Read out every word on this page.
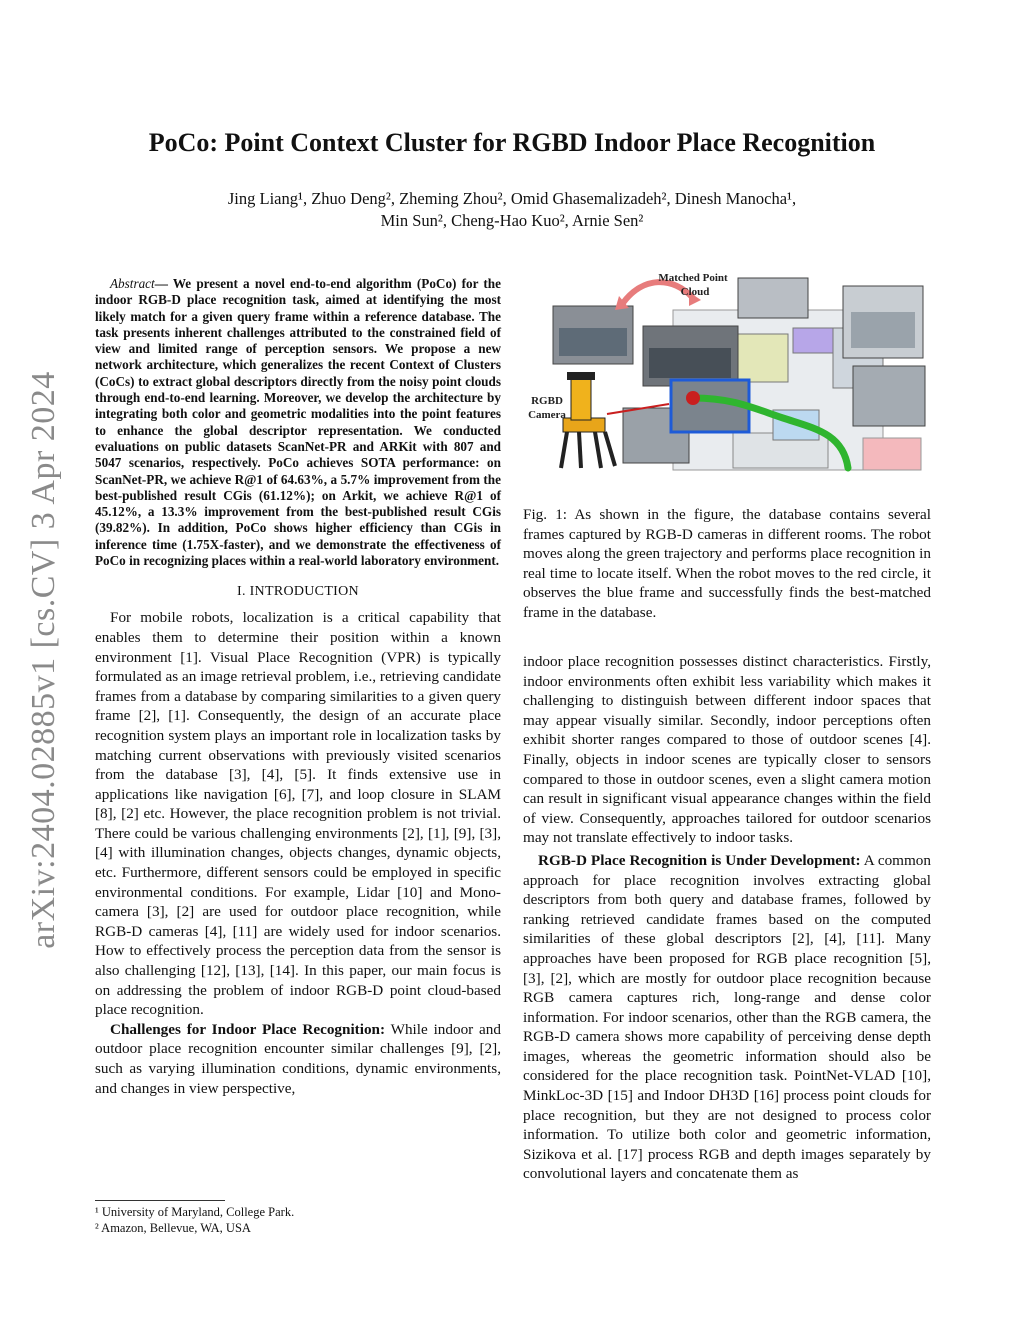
arXiv:2404.02885v1 [cs.CV] 3 Apr 2024
PoCo: Point Context Cluster for RGBD Indoor Place Recognition
Jing Liang¹, Zhuo Deng², Zheming Zhou², Omid Ghasemalizadeh², Dinesh Manocha¹,
Min Sun², Cheng-Hao Kuo², Arnie Sen²

Abstract— We present a novel end-to-end algorithm (PoCo) for the indoor RGB-D place recognition task, aimed at identifying the most likely match for a given query frame within a reference database. The task presents inherent challenges attributed to the constrained field of view and limited range of perception sensors. We propose a new network architecture, which generalizes the recent Context of Clusters (CoCs) to extract global descriptors directly from the noisy point clouds through end-to-end learning. Moreover, we develop the architecture by integrating both color and geometric modalities into the point features to enhance the global descriptor representation. We conducted evaluations on public datasets ScanNet-PR and ARKit with 807 and 5047 scenarios, respectively. PoCo achieves SOTA performance: on ScanNet-PR, we achieve R@1 of 64.63%, a 5.7% improvement from the best-published result CGis (61.12%); on Arkit, we achieve R@1 of 45.12%, a 13.3% improvement from the best-published result CGis (39.82%). In addition, PoCo shows higher efficiency than CGis in inference time (1.75X-faster), and we demonstrate the effectiveness of PoCo in recognizing places within a real-world laboratory environment.

I. INTRODUCTION

For mobile robots, localization is a critical capability that enables them to determine their position within a known environment [1]. Visual Place Recognition (VPR) is typically formulated as an image retrieval problem, i.e., retrieving candidate frames from a database by comparing similarities to a given query frame [2], [1]. Consequently, the design of an accurate place recognition system plays an important role in localization tasks by matching current observations with previously visited scenarios from the database [3], [4], [5]. It finds extensive use in applications like navigation [6], [7], and loop closure in SLAM [8], [2] etc. However, the place recognition problem is not trivial. There could be various challenging environments [2], [1], [9], [3], [4] with illumination changes, objects changes, dynamic objects, etc. Furthermore, different sensors could be employed in specific environmental conditions. For example, Lidar [10] and Mono-camera [3], [2] are used for outdoor place recognition, while RGB-D cameras [4], [11] are widely used for indoor scenarios. How to effectively process the perception data from the sensor is also challenging [12], [13], [14]. In this paper, our main focus is on addressing the problem of indoor RGB-D point cloud-based place recognition.

Challenges for Indoor Place Recognition: While indoor and outdoor place recognition encounter similar challenges [9], [2], such as varying illumination conditions, dynamic environments, and changes in view perspective,

¹ University of Maryland, College Park.
² Amazon, Bellevue, WA, USA
Matched Point
Cloud
RGBD
Camera
Fig. 1: As shown in the figure, the database contains several frames captured by RGB-D cameras in different rooms. The robot moves along the green trajectory and performs place recognition in real time to locate itself. When the robot moves to the red circle, it observes the blue frame and successfully finds the best-matched frame in the database.

indoor place recognition possesses distinct characteristics. Firstly, indoor environments often exhibit less variability which makes it challenging to distinguish between different indoor spaces that may appear visually similar. Secondly, indoor perceptions often exhibit shorter ranges compared to those of outdoor scenes [4]. Finally, objects in indoor scenes are typically closer to sensors compared to those in outdoor scenes, even a slight camera motion can result in significant visual appearance changes within the field of view. Consequently, approaches tailored for outdoor scenarios may not translate effectively to indoor tasks.

RGB-D Place Recognition is Under Development: A common approach for place recognition involves extracting global descriptors from both query and database frames, followed by ranking retrieved candidate frames based on the computed similarities of these global descriptors [2], [4], [11]. Many approaches have been proposed for RGB place recognition [5], [3], [2], which are mostly for outdoor place recognition because RGB camera captures rich, long-range and dense color information. For indoor scenarios, other than the RGB camera, the RGB-D camera shows more capability of perceiving dense depth images, whereas the geometric information should also be considered for the place recognition task. PointNet-VLAD [10], MinkLoc-3D [15] and Indoor DH3D [16] process point clouds for place recognition, but they are not designed to process color information. To utilize both color and geometric information, Sizikova et al. [17] process RGB and depth images separately by convolutional layers and concatenate them as
